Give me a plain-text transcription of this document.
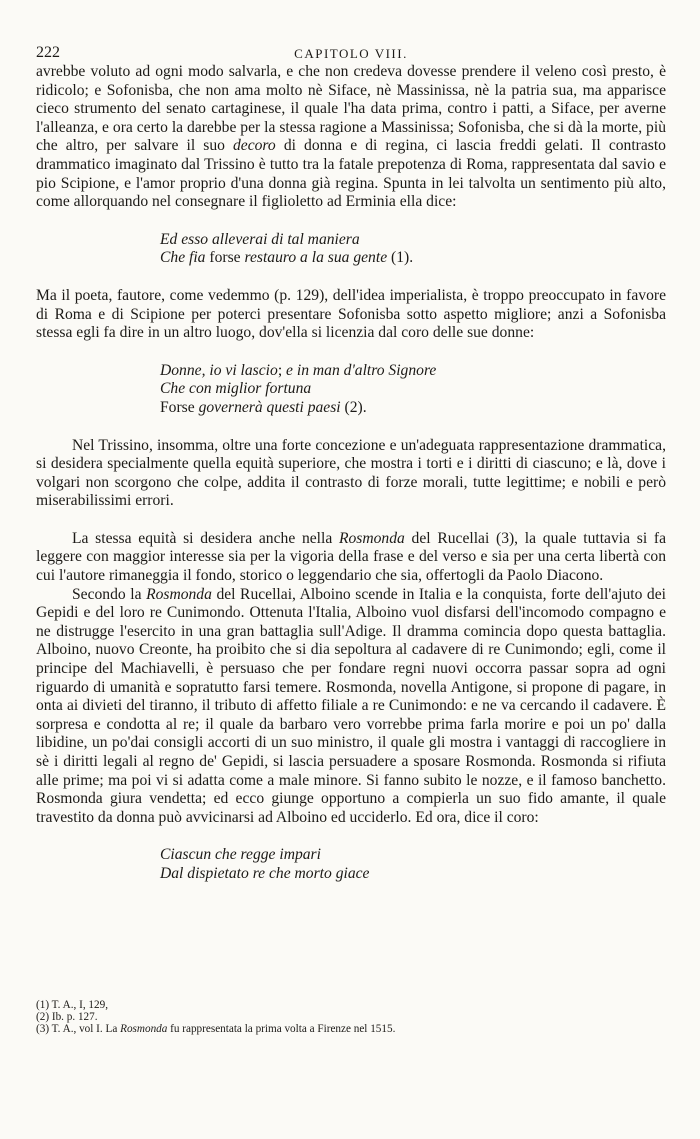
222	CAPITOLO VIII.

avrebbe voluto ad ogni modo salvarla, e che non credeva dovesse prendere il veleno così presto, è ridicolo; e Sofonisba, che non ama molto nè Siface, nè Massinissa, nè la patria sua, ma apparisce cieco strumento del senato cartaginese, il quale l'ha data prima, contro i patti, a Siface, per averne l'alleanza, e ora certo la darebbe per la stessa ragione a Massinissa; Sofonisba, che si dà la morte, più che altro, per salvare il suo decoro di donna e di regina, ci lascia freddi gelati. Il contrasto drammatico imaginato dal Trissino è tutto tra la fatale prepotenza di Roma, rappresentata dal savio e pio Scipione, e l'amor proprio d'una donna già regina. Spunta in lei talvolta un sentimento più alto, come allorquando nel consegnare il figlioletto ad Erminia ella dice:

Ed esso alleverai di tal maniera
Che fia forse restauro a la sua gente (1).

Ma il poeta, fautore, come vedemmo (p. 129), dell'idea imperialista, è troppo preoccupato in favore di Roma e di Scipione per poterci presentare Sofonisba sotto aspetto migliore; anzi a Sofonisba stessa egli fa dire in un altro luogo, dov'ella si licenzia dal coro delle sue donne:

Donne, io vi lascio; e in man d'altro Signore
Che con miglior fortuna
Forse governerà questi paesi (2).

Nel Trissino, insomma, oltre una forte concezione e un'adeguata rappresentazione drammatica, si desidera specialmente quella equità superiore, che mostra i torti e i diritti di ciascuno; e là, dove i volgari non scorgono che colpe, addita il contrasto di forze morali, tutte legittime; e nobili e però miserabilissimi errori.

La stessa equità si desidera anche nella Rosmonda del Rucellai (3), la quale tuttavia si fa leggere con maggior interesse sia per la vigoria della frase e del verso e sia per una certa libertà con cui l'autore rimaneggia il fondo, storico o leggendario che sia, offertogli da Paolo Diacono.

Secondo la Rosmonda del Rucellai, Alboino scende in Italia e la conquista, forte dell'ajuto dei Gepidi e del loro re Cunimondo. Ottenuta l'Italia, Alboino vuol disfarsi dell'incomodo compagno e ne distrugge l'esercito in una gran battaglia sull'Adige. Il dramma comincia dopo questa battaglia. Alboino, nuovo Creonte, ha proibito che si dia sepoltura al cadavere di re Cunimondo; egli, come il principe del Machiavelli, è persuaso che per fondare regni nuovi occorra passar sopra ad ogni riguardo di umanità e sopratutto farsi temere. Rosmonda, novella Antigone, si propone di pagare, in onta ai divieti del tiranno, il tributo di affetto filiale a re Cunimondo: e ne va cercando il cadavere. È sorpresa e condotta al re; il quale da barbaro vero vorrebbe prima farla morire e poi un po' dalla libidine, un po'dai consigli accorti di un suo ministro, il quale gli mostra i vantaggi di raccogliere in sè i diritti legali al regno de' Gepidi, si lascia persuadere a sposare Rosmonda. Rosmonda si rifiuta alle prime; ma poi vi si adatta come a male minore. Si fanno subito le nozze, e il famoso banchetto. Rosmonda giura vendetta; ed ecco giunge opportuno a compierla un suo fido amante, il quale travestito da donna può avvicinarsi ad Alboino ed ucciderlo. Ed ora, dice il coro:

Ciascun che regge impari
Dal dispietato re che morto giace
(1) T. A., I, 129,
(2) Ib. p. 127.
(3) T. A., vol I. La Rosmonda fu rappresentata la prima volta a Firenze nel 1515.
